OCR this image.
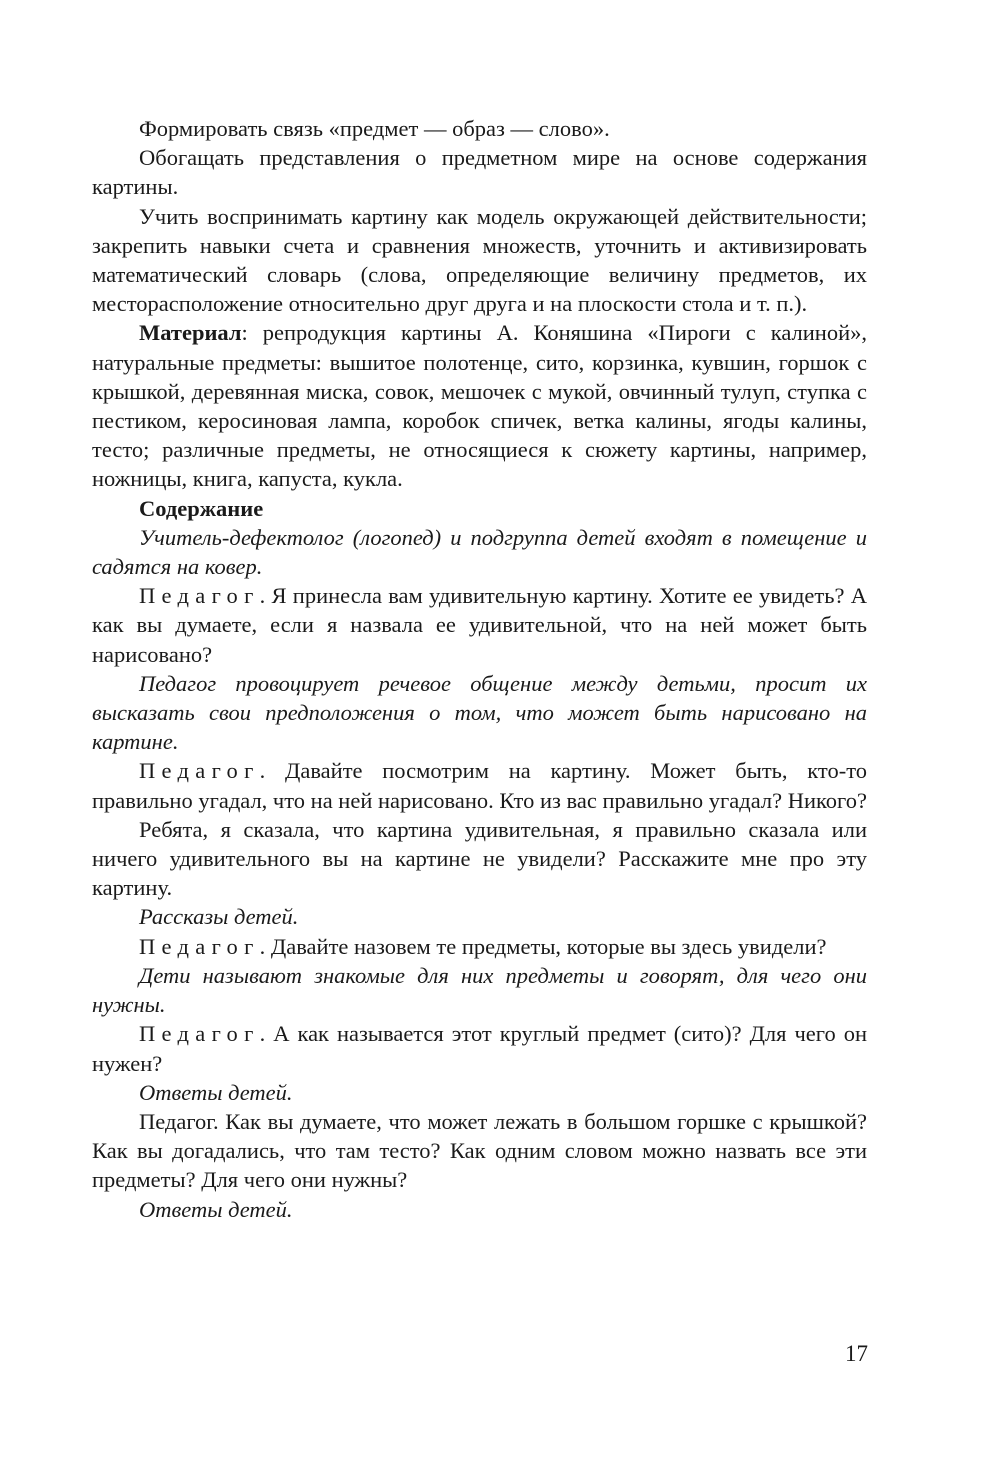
Формировать связь «предмет — образ — слово».

Обогащать представления о предметном мире на основе содержания картины.

Учить воспринимать картину как модель окружающей действительности; закрепить навыки счета и сравнения множеств, уточнить и активизировать математический словарь (слова, определяющие величину предметов, их месторасположение относительно друг друга и на плоскости стола и т. п.).

Материал: репродукция картины А. Коняшина «Пироги с калиной», натуральные предметы: вышитое полотенце, сито, корзинка, кувшин, горшок с крышкой, деревянная миска, совок, мешочек с мукой, овчинный тулуп, ступка с пестиком, керосиновая лампа, коробок спичек, ветка калины, ягоды калины, тесто; различные предметы, не относящиеся к сюжету картины, например, ножницы, книга, капуста, кукла.

Содержание

Учитель-дефектолог (логопед) и подгруппа детей входят в помещение и садятся на ковер.

Педагог. Я принесла вам удивительную картину. Хотите ее увидеть? А как вы думаете, если я назвала ее удивительной, что на ней может быть нарисовано?

Педагог провоцирует речевое общение между детьми, просит их высказать свои предположения о том, что может быть нарисовано на картине.

Педагог. Давайте посмотрим на картину. Может быть, кто-то правильно угадал, что на ней нарисовано. Кто из вас правильно угадал? Никого?

Ребята, я сказала, что картина удивительная, я правильно сказала или ничего удивительного вы на картине не увидели? Расскажите мне про эту картину.

Рассказы детей.

Педагог. Давайте назовем те предметы, которые вы здесь увидели?

Дети называют знакомые для них предметы и говорят, для чего они нужны.

Педагог. А как называется этот круглый предмет (сито)? Для чего он нужен?

Ответы детей.

Педагог. Как вы думаете, что может лежать в большом горшке с крышкой? Как вы догадались, что там тесто? Как одним словом можно назвать все эти предметы? Для чего они нужны?

Ответы детей.

17
